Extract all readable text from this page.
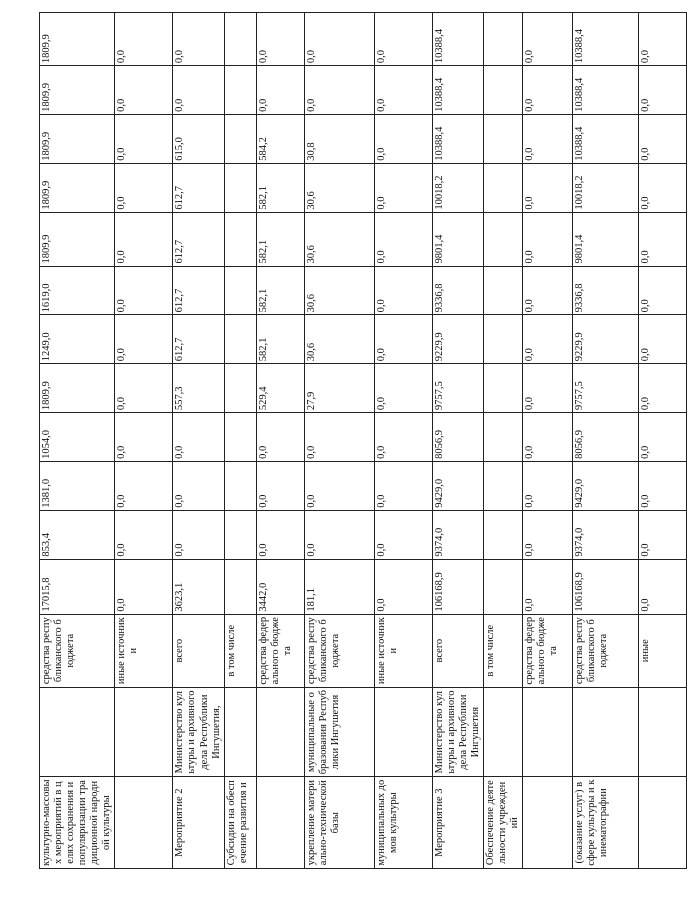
культурно-массовых мероприятий в целях сохранения и популяризации традиционной народной культуры		средства республиканского бюджета	17015,8	853,4	1381,0	1054,0	1809,9	1249,0	1619,0	1809,9	1809,9	1809,9	1809,9	1809,9
		иные источники	0,0	0,0	0,0	0,0	0,0	0,0	0,0	0,0	0,0	0,0	0,0	0,0
Мероприятие 2	Министерство культуры и архивного дела Республики Ингушетия,	всего	3623,1	0,0	0,0	0,0	557,3	612,7	612,7	612,7	612,7	615,0	0,0	0,0
Субсидии на обеспечение развития и		в том числе												
		средства федерального бюджета	3442,0	0,0	0,0	0,0	529,4	582,1	582,1	582,1	582,1	584,2	0,0	0,0
укрепление материально-технической базы	муниципальные образования Республики Ингушетия	средства республиканского бюджета	181,1	0,0	0,0	0,0	27,9	30,6	30,6	30,6	30,6	30,8	0,0	0,0
муниципальных домов культуры		иные источники	0,0	0,0	0,0	0,0	0,0	0,0	0,0	0,0	0,0	0,0	0,0	0,0
Мероприятие 3	Министерство культуры и архивного дела Республики Ингушетия	всего	106168,9	9374,0	9429,0	8056,9	9757,5	9229,9	9336,8	9801,4	10018,2	10388,4	10388,4	10388,4
Обеспечение деятельности учреждений		в том числе												
		средства федерального бюджета	0,0	0,0	0,0	0,0	0,0	0,0	0,0	0,0	0,0	0,0	0,0	0,0
(оказание услуг) в сфере культуры и кинематографии		средства республиканского бюджета	106168,9	9374,0	9429,0	8056,9	9757,5	9229,9	9336,8	9801,4	10018,2	10388,4	10388,4	10388,4
		иные	0,0	0,0	0,0	0,0	0,0	0,0	0,0	0,0	0,0	0,0	0,0	0,0
